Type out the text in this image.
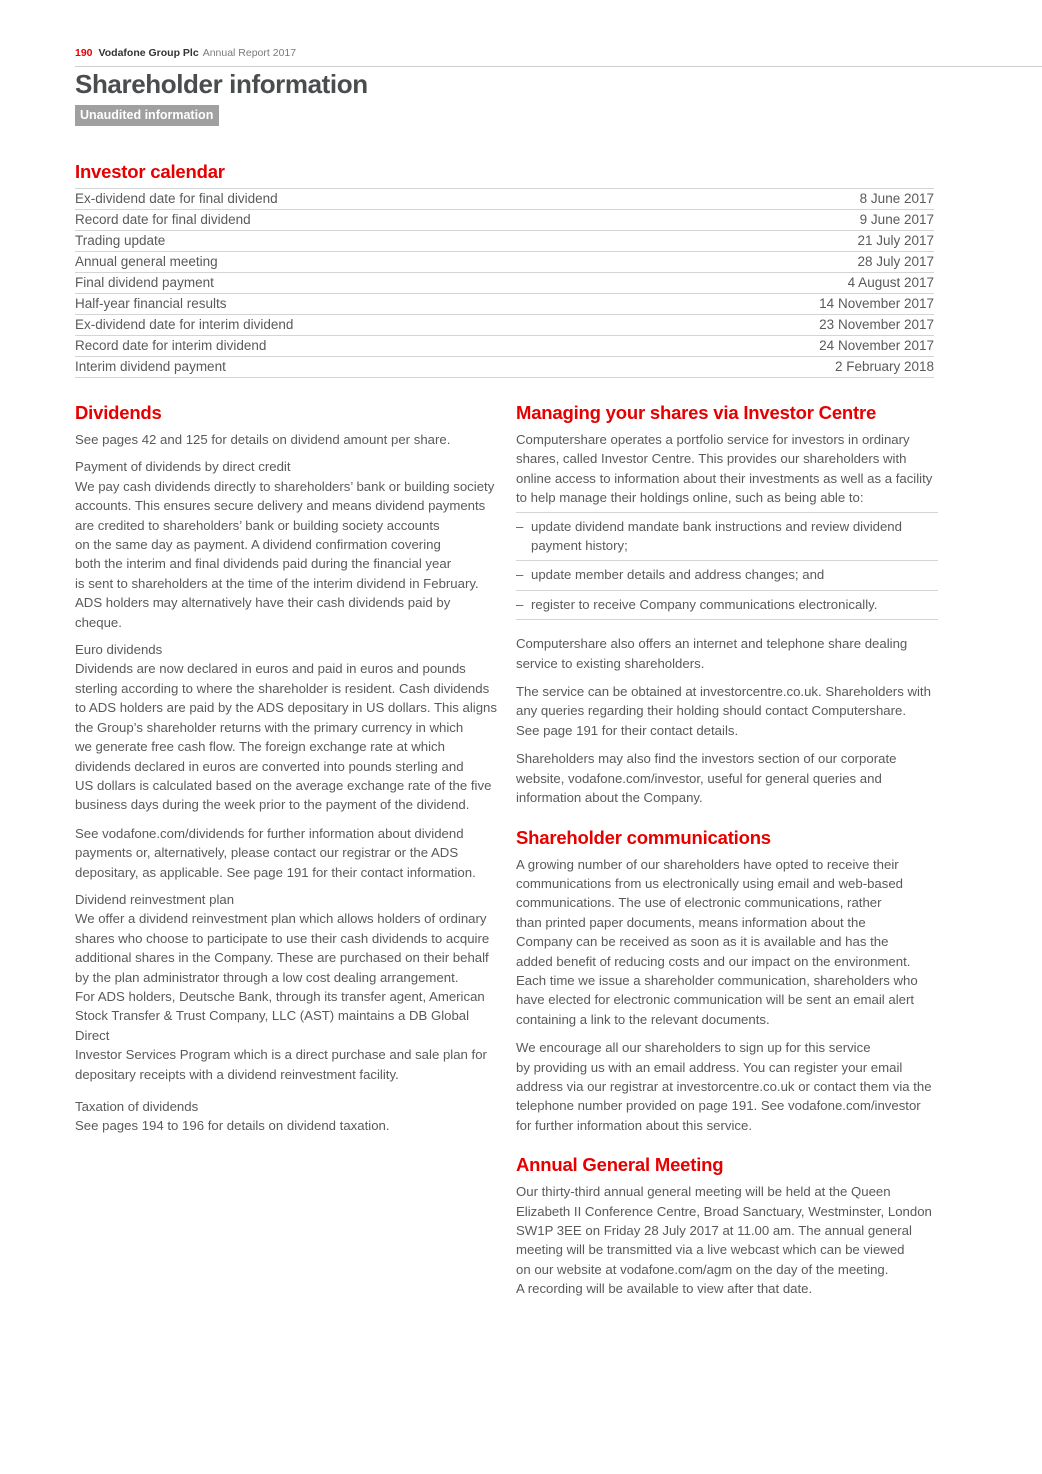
$^{190}$ $^{Vodafone Group Plc}$ $^{Annual Report 2017}$
Shareholder information
Unaudited information
Investor calendar
Ex-dividend date for final dividend	8 June 2017
Record date for final dividend	9 June 2017
Trading update	21 July 2017
Annual general meeting	28 July 2017
Final dividend payment	4 August 2017
Half-year financial results	14 November 2017
Ex-dividend date for interim dividend	23 November 2017
Record date for interim dividend	24 November 2017
Interim dividend payment	2 February 2018
Dividends

See pages 42 and 125 for details on dividend amount per share.

Payment of dividends by direct credit

We pay cash dividends directly to shareholders’ bank or building society
accounts. This ensures secure delivery and means dividend payments
are credited to shareholders’ bank or building society accounts
on the same day as payment. A dividend confirmation covering
both the interim and final dividends paid during the financial year
is sent to shareholders at the time of the interim dividend in February.
ADS holders may alternatively have their cash dividends paid by cheque.

Euro dividends

Dividends are now declared in euros and paid in euros and pounds
sterling according to where the shareholder is resident. Cash dividends
to ADS holders are paid by the ADS depositary in US dollars. This aligns
the Group’s shareholder returns with the primary currency in which
we generate free cash flow. The foreign exchange rate at which
dividends declared in euros are converted into pounds sterling and
US dollars is calculated based on the average exchange rate of the five
business days during the week prior to the payment of the dividend.

See vodafone.com/dividends for further information about dividend
payments or, alternatively, please contact our registrar or the ADS
depositary, as applicable. See page 191 for their contact information.

Dividend reinvestment plan

We offer a dividend reinvestment plan which allows holders of ordinary
shares who choose to participate to use their cash dividends to acquire
additional shares in the Company. These are purchased on their behalf
by the plan administrator through a low cost dealing arrangement.
For ADS holders, Deutsche Bank, through its transfer agent, American
Stock Transfer & Trust Company, LLC (AST) maintains a DB Global Direct
Investor Services Program which is a direct purchase and sale plan for
depositary receipts with a dividend reinvestment facility.

Taxation of dividends

See pages 194 to 196 for details on dividend taxation.

Managing your shares via Investor Centre

Computershare operates a portfolio service for investors in ordinary
shares, called Investor Centre. This provides our shareholders with
online access to information about their investments as well as a facility
to help manage their holdings online, such as being able to:

– update dividend mandate bank instructions and review dividend
payment history;
– update member details and address changes; and
– register to receive Company communications electronically.

Computershare also offers an internet and telephone share dealing
service to existing shareholders.

The service can be obtained at investorcentre.co.uk. Shareholders with
any queries regarding their holding should contact Computershare.
See page 191 for their contact details.

Shareholders may also find the investors section of our corporate
website, vodafone.com/investor, useful for general queries and
information about the Company.

Shareholder communications

A growing number of our shareholders have opted to receive their
communications from us electronically using email and web-based
communications. The use of electronic communications, rather
than printed paper documents, means information about the
Company can be received as soon as it is available and has the
added benefit of reducing costs and our impact on the environment.
Each time we issue a shareholder communication, shareholders who
have elected for electronic communication will be sent an email alert
containing a link to the relevant documents.

We encourage all our shareholders to sign up for this service
by providing us with an email address. You can register your email
address via our registrar at investorcentre.co.uk or contact them via the
telephone number provided on page 191. See vodafone.com/investor
for further information about this service.

Annual General Meeting

Our thirty-third annual general meeting will be held at the Queen
Elizabeth II Conference Centre, Broad Sanctuary, Westminster, London
SW1P 3EE on Friday 28 July 2017 at 11.00 am. The annual general
meeting will be transmitted via a live webcast which can be viewed
on our website at vodafone.com/agm on the day of the meeting.
A recording will be available to view after that date.
